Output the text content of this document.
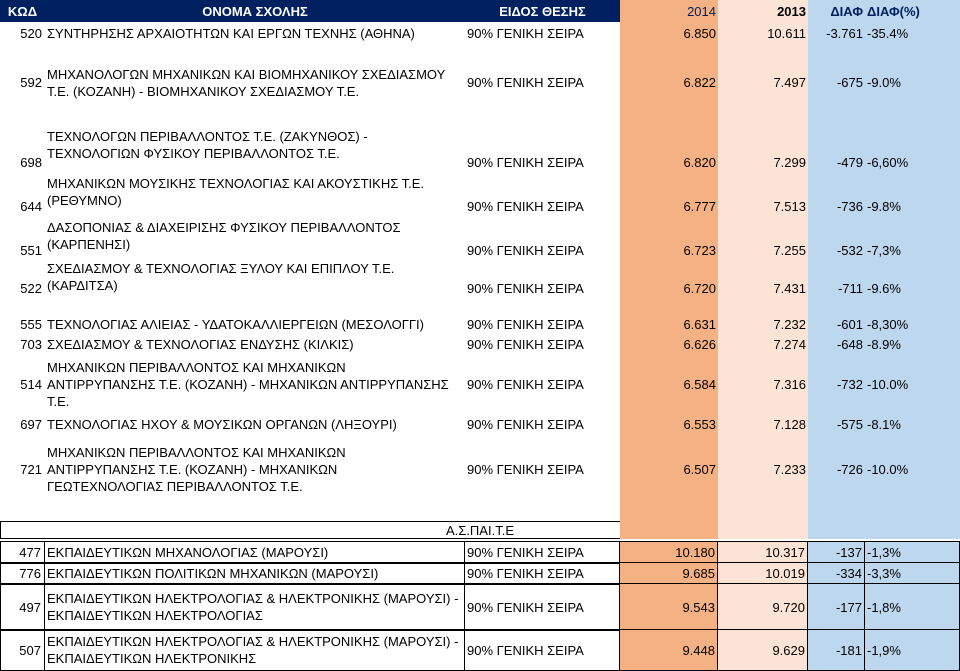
ΚΩΔ	ΟΝΟΜΑ ΣΧΟΛΗΣ	ΕΙΔΟΣ ΘΕΣΗΣ	2014	2013	ΔΙΑΦ ΔΙΑΦ(%)
520 ΣΥΝΤΗΡΗΣΗΣ ΑΡΧΑΙΟΤΗΤΩΝ ΚΑΙ ΕΡΓΩΝ ΤΕΧΝΗΣ (ΑΘΗΝΑ)	90% ΓΕΝΙΚΗ ΣΕΙΡΑ	6.850	10.611	-3.761 -35.4%
592
ΜΗΧΑΝΟΛΟΓΩΝ ΜΗΧΑΝΙΚΩΝ ΚΑΙ ΒΙΟΜΗΧΑΝΙΚΟΥ ΣΧΕΔΙΑΣΜΟΥ
Τ.Ε. (ΚΟΖΑΝΗ) - ΒΙΟΜΗΧΑΝΙΚΟΥ ΣΧΕΔΙΑΣΜΟΥ Τ.Ε.
90% ΓΕΝΙΚΗ ΣΕΙΡΑ	6.822	7.497	-675 -9.0%
698
ΤΕΧΝΟΛΟΓΩΝ ΠΕΡΙΒΑΛΛΟΝΤΟΣ Τ.Ε. (ΖΑΚΥΝΘΟΣ) -
ΤΕΧΝΟΛΟΓΙΩΝ ΦΥΣΙΚΟΥ ΠΕΡΙΒΑΛΛΟΝΤΟΣ Τ.Ε.
90% ΓΕΝΙΚΗ ΣΕΙΡΑ	6.820	7.299	-479 -6,60%
644
ΜΗΧΑΝΙΚΩΝ ΜΟΥΣΙΚΗΣ ΤΕΧΝΟΛΟΓΙΑΣ ΚΑΙ ΑΚΟΥΣΤΙΚΗΣ Τ.Ε.
(ΡΕΘΥΜΝΟ)	90% ΓΕΝΙΚΗ ΣΕΙΡΑ	6.777	7.513	-736 -9.8%
551
ΔΑΣΟΠΟΝΙΑΣ & ΔΙΑΧΕΙΡΙΣΗΣ ΦΥΣΙΚΟΥ ΠΕΡΙΒΑΛΛΟΝΤΟΣ
(ΚΑΡΠΕΝΗΣΙ)	90% ΓΕΝΙΚΗ ΣΕΙΡΑ	6.723	7.255	-532 -7,3%
522
ΣΧΕΔΙΑΣΜΟΥ & ΤΕΧΝΟΛΟΓΙΑΣ ΞΥΛΟΥ ΚΑΙ ΕΠΙΠΛΟΥ Τ.Ε.
(ΚΑΡΔΙΤΣΑ)	90% ΓΕΝΙΚΗ ΣΕΙΡΑ	6.720	7.431	-711 -9.6%
555 ΤΕΧΝΟΛΟΓΙΑΣ ΑΛΙΕΙΑΣ - ΥΔΑΤΟΚΑΛΛΙΕΡΓΕΙΩΝ (ΜΕΣΟΛΟΓΓΙ)	90% ΓΕΝΙΚΗ ΣΕΙΡΑ	6.631	7.232	-601 -8,30%
703 ΣΧΕΔΙΑΣΜΟΥ & ΤΕΧΝΟΛΟΓΙΑΣ ΕΝΔΥΣΗΣ (ΚΙΛΚΙΣ)	90% ΓΕΝΙΚΗ ΣΕΙΡΑ	6.626	7.274	-648 -8.9%
514
ΜΗΧΑΝΙΚΩΝ ΠΕΡΙΒΑΛΛΟΝΤΟΣ ΚΑΙ ΜΗΧΑΝΙΚΩΝ
ΑΝΤΙΡΡΥΠΑΝΣΗΣ Τ.Ε. (ΚΟΖΑΝΗ) - ΜΗΧΑΝΙΚΩΝ ΑΝΤΙΡΡΥΠΑΝΣΗΣ
Τ.Ε.
90% ΓΕΝΙΚΗ ΣΕΙΡΑ	6.584	7.316	-732 -10.0%
697 ΤΕΧΝΟΛΟΓΙΑΣ ΗΧΟΥ & ΜΟΥΣΙΚΩΝ ΟΡΓΑΝΩΝ (ΛΗΞΟΥΡΙ)	90% ΓΕΝΙΚΗ ΣΕΙΡΑ	6.553	7.128	-575 -8.1%
721
ΜΗΧΑΝΙΚΩΝ ΠΕΡΙΒΑΛΛΟΝΤΟΣ ΚΑΙ ΜΗΧΑΝΙΚΩΝ
ΑΝΤΙΡΡΥΠΑΝΣΗΣ Τ.Ε. (ΚΟΖΑΝΗ) - ΜΗΧΑΝΙΚΩΝ
ΓΕΩΤΕΧΝΟΛΟΓΙΑΣ ΠΕΡΙΒΑΛΛΟΝΤΟΣ Τ.Ε.
90% ΓΕΝΙΚΗ ΣΕΙΡΑ	6.507	7.233	-726 -10.0%
Α.Σ.ΠΑΙ.Τ.Ε
477 ΕΚΠΑΙΔΕΥΤΙΚΩΝ ΜΗΧΑΝΟΛΟΓΙΑΣ (ΜΑΡΟΥΣΙ)	90% ΓΕΝΙΚΗ ΣΕΙΡΑ	10.180	10.317	-137 -1,3%
776 ΕΚΠΑΙΔΕΥΤΙΚΩΝ ΠΟΛΙΤΙΚΩΝ ΜΗΧΑΝΙΚΩΝ (ΜΑΡΟΥΣΙ)	90% ΓΕΝΙΚΗ ΣΕΙΡΑ	9.685	10.019	-334 -3,3%
497
ΕΚΠΑΙΔΕΥΤΙΚΩΝ ΗΛΕΚΤΡΟΛΟΓΙΑΣ & ΗΛΕΚΤΡΟΝΙΚΗΣ (ΜΑΡΟΥΣΙ) -
ΕΚΠΑΙΔΕΥΤΙΚΩΝ ΗΛΕΚΤΡΟΛΟΓΙΑΣ
90% ΓΕΝΙΚΗ ΣΕΙΡΑ	9.543	9.720	-177 -1,8%
507
ΕΚΠΑΙΔΕΥΤΙΚΩΝ ΗΛΕΚΤΡΟΛΟΓΙΑΣ & ΗΛΕΚΤΡΟΝΙΚΗΣ (ΜΑΡΟΥΣΙ) -
ΕΚΠΑΙΔΕΥΤΙΚΩΝ ΗΛΕΚΤΡΟΝΙΚΗΣ
90% ΓΕΝΙΚΗ ΣΕΙΡΑ	9.448	9.629	-181 -1,9%
